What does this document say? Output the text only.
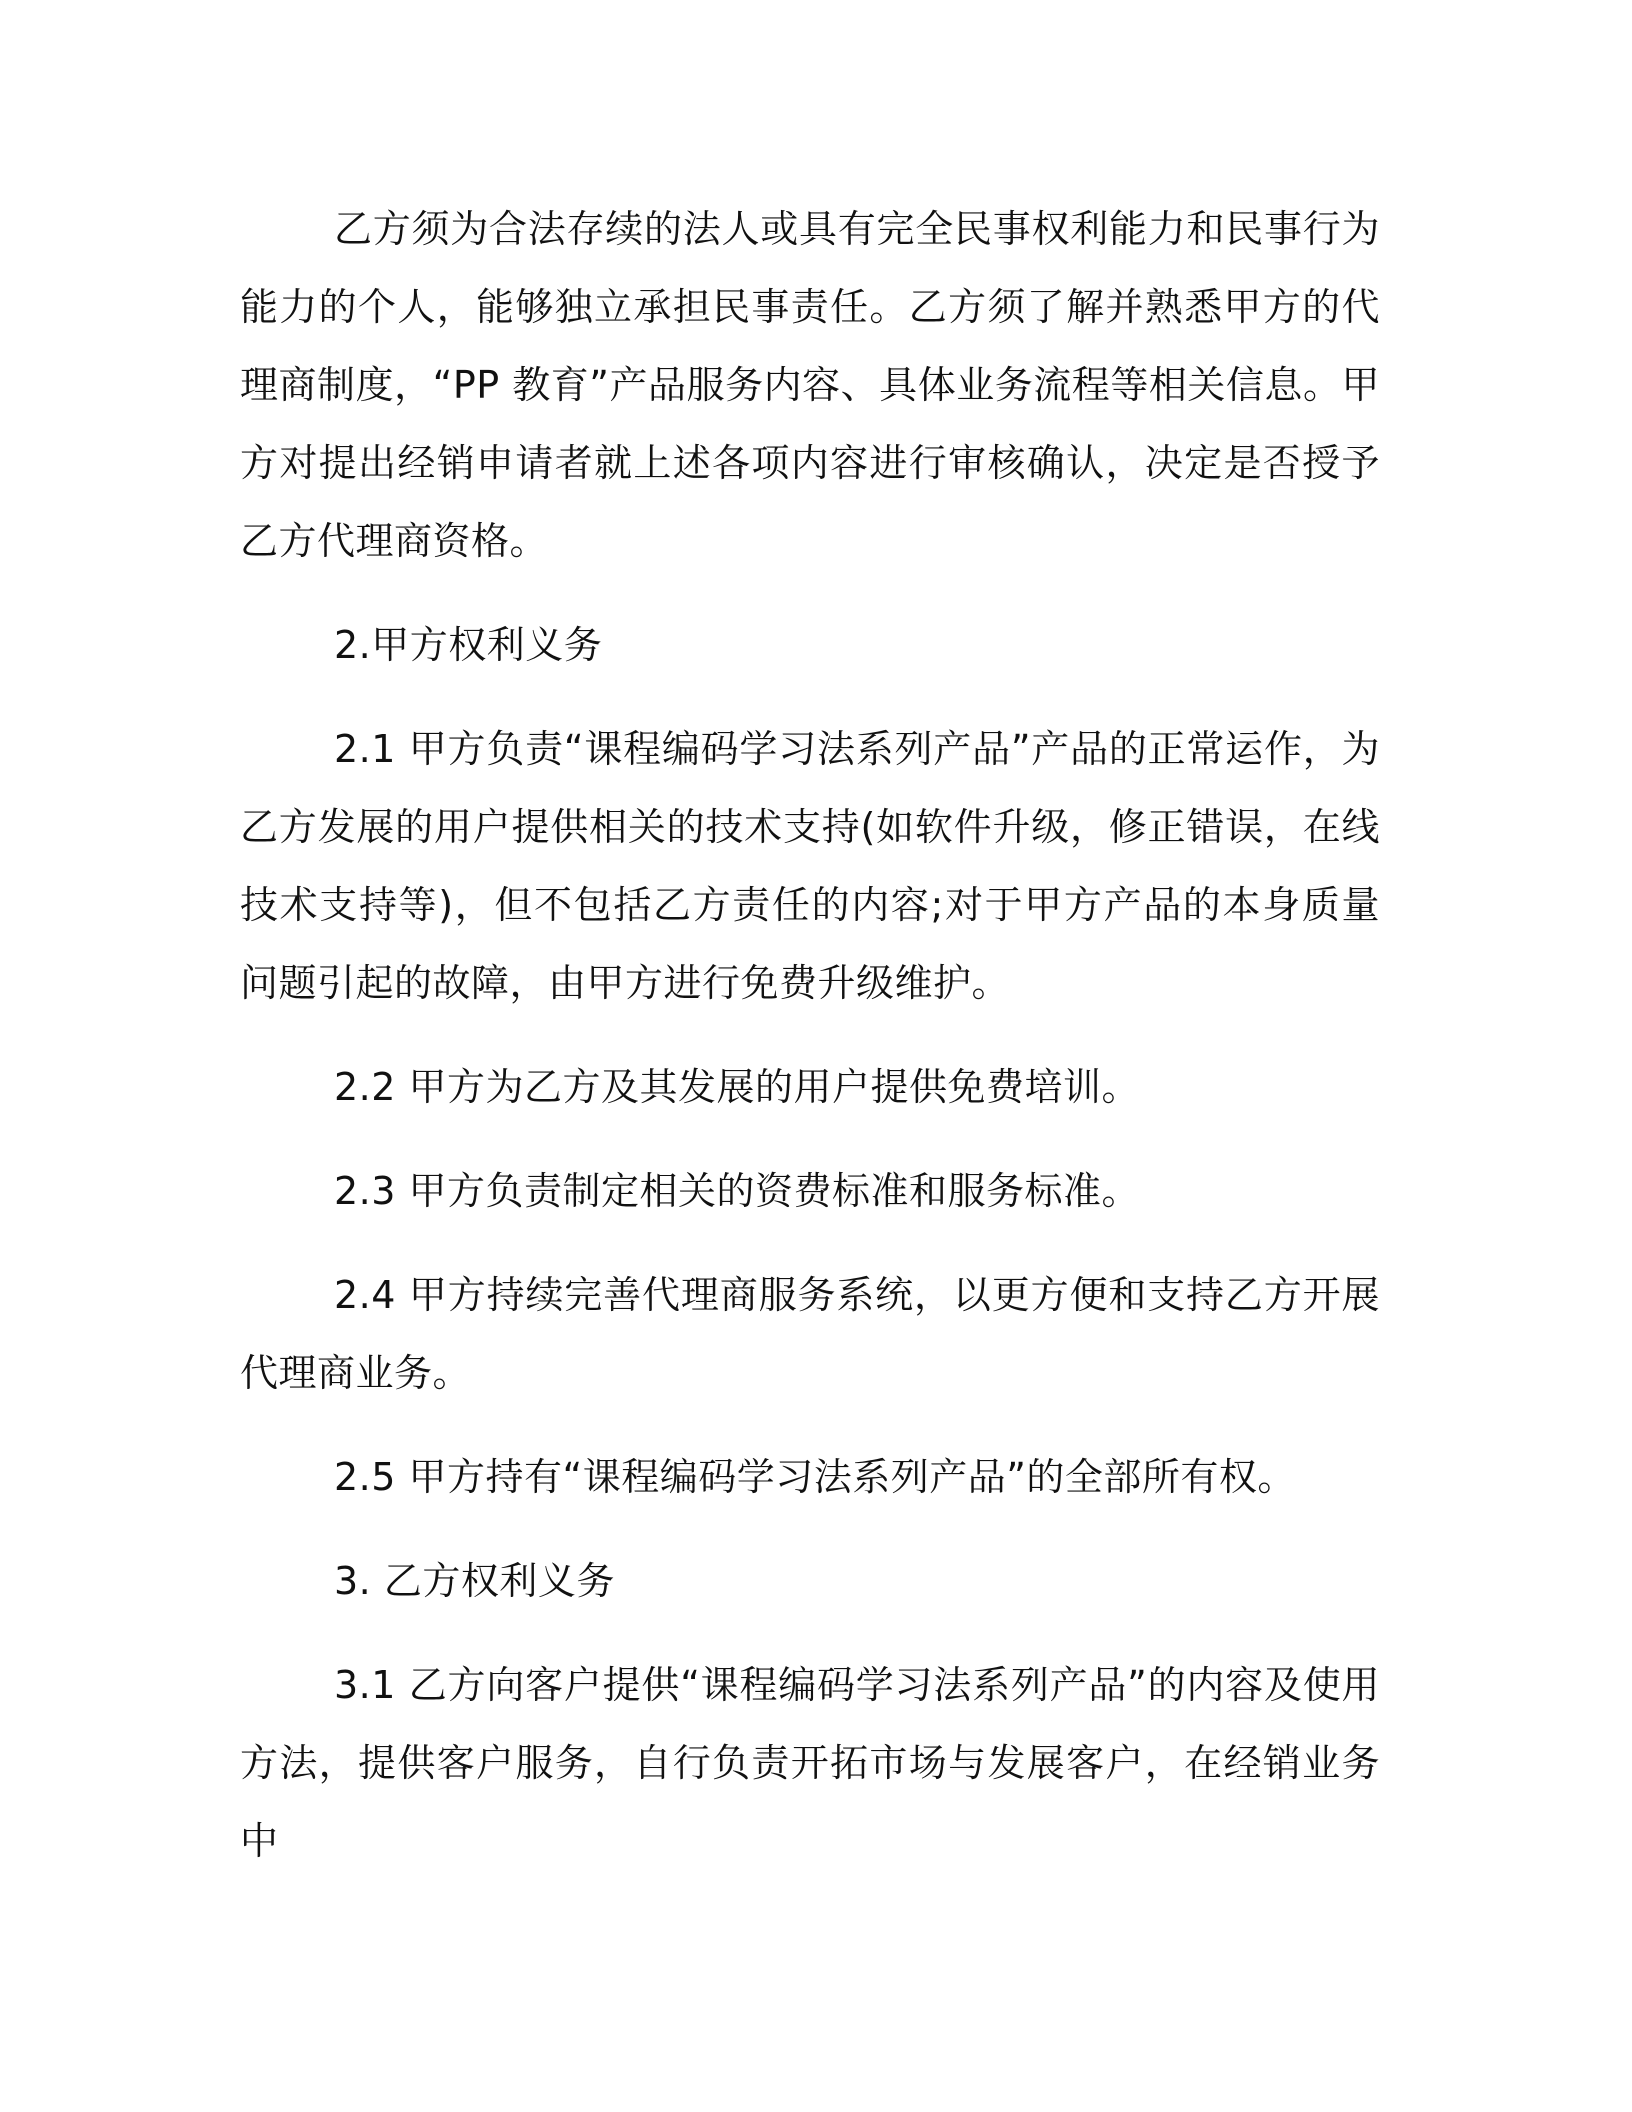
乙方须为合法存续的法人或具有完全民事权利能力和民事行为能力的个人，能够独立承担民事责任。乙方须了解并熟悉甲方的代理商制度，“PP 教育”产品服务内容、具体业务流程等相关信息。甲方对提出经销申请者就上述各项内容进行审核确认，决定是否授予乙方代理商资格。

2.甲方权利义务

2.1 甲方负责“课程编码学习法系列产品”产品的正常运作，为乙方发展的用户提供相关的技术支持(如软件升级，修正错误，在线技术支持等)，但不包括乙方责任的内容;对于甲方产品的本身质量问题引起的故障，由甲方进行免费升级维护。

2.2 甲方为乙方及其发展的用户提供免费培训。

2.3 甲方负责制定相关的资费标准和服务标准。

2.4 甲方持续完善代理商服务系统，以更方便和支持乙方开展代理商业务。

2.5 甲方持有“课程编码学习法系列产品”的全部所有权。

3. 乙方权利义务

3.1 乙方向客户提供“课程编码学习法系列产品”的内容及使用方法，提供客户服务，自行负责开拓市场与发展客户，在经销业务中
